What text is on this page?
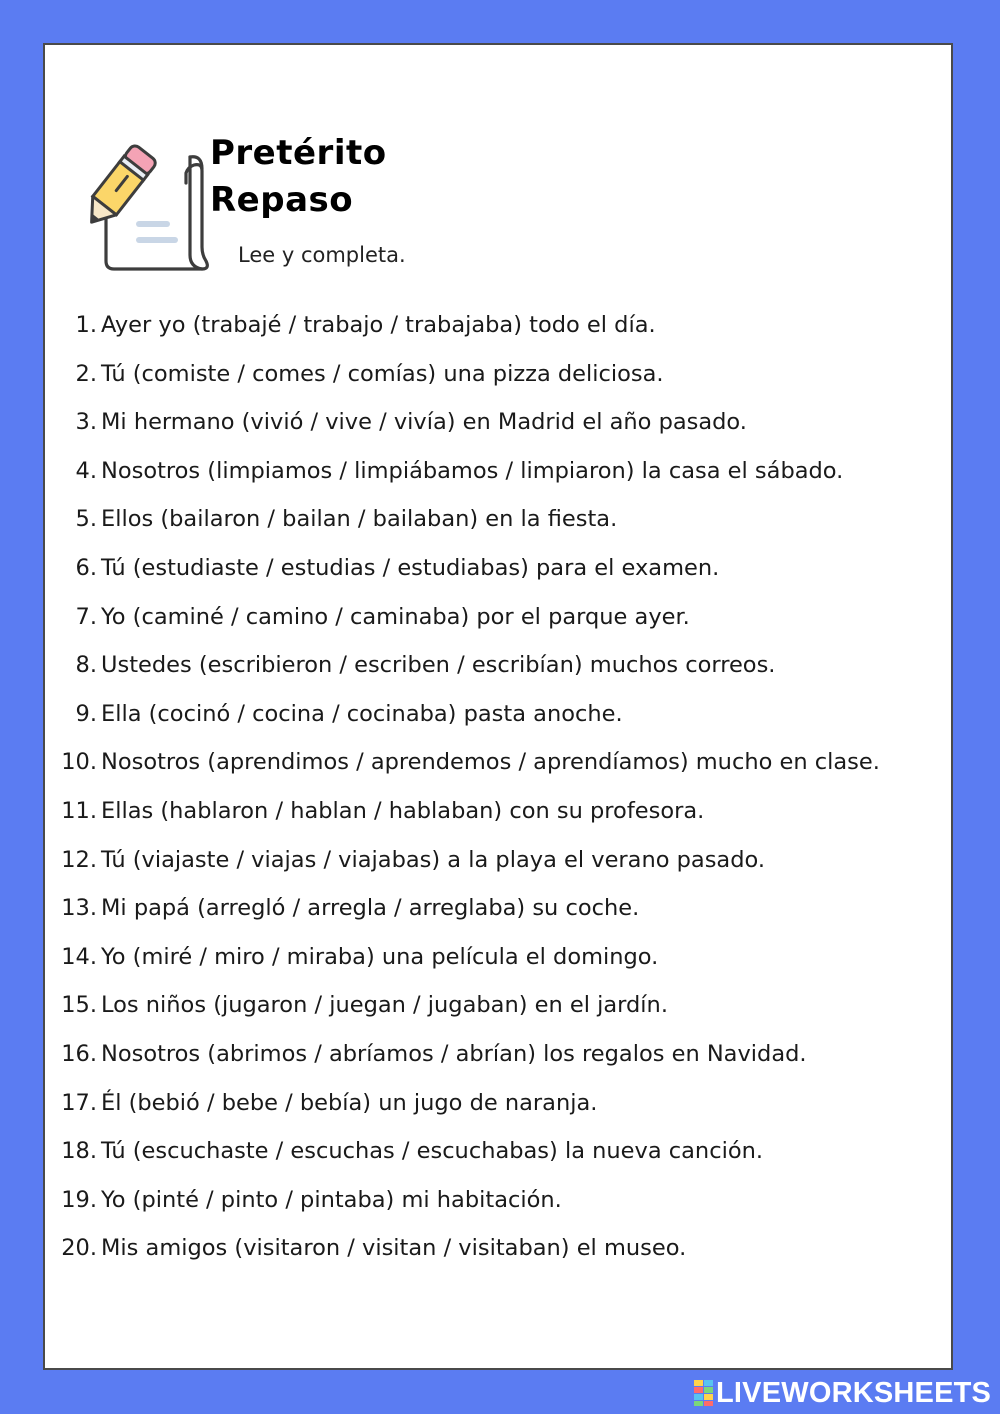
Pretérito
Repaso
Lee y completa.
1. Ayer yo (trabajé / trabajo / trabajaba) todo el día.
2. Tú (comiste / comes / comías) una pizza deliciosa.
3. Mi hermano (vivió / vive / vivía) en Madrid el año pasado.
4. Nosotros (limpiamos / limpiábamos / limpiaron) la casa el sábado.
5. Ellos (bailaron / bailan / bailaban) en la fiesta.
6. Tú (estudiaste / estudias / estudiabas) para el examen.
7. Yo (caminé / camino / caminaba) por el parque ayer.
8. Ustedes (escribieron / escriben / escribían) muchos correos.
9. Ella (cocinó / cocina / cocinaba) pasta anoche.
10. Nosotros (aprendimos / aprendemos / aprendíamos) mucho en clase.
11. Ellas (hablaron / hablan / hablaban) con su profesora.
12. Tú (viajaste / viajas / viajabas) a la playa el verano pasado.
13. Mi papá (arregló / arregla / arreglaba) su coche.
14. Yo (miré / miro / miraba) una película el domingo.
15. Los niños (jugaron / juegan / jugaban) en el jardín.
16. Nosotros (abrimos / abríamos / abrían) los regalos en Navidad.
17. Él (bebió / bebe / bebía) un jugo de naranja.
18. Tú (escuchaste / escuchas / escuchabas) la nueva canción.
19. Yo (pinté / pinto / pintaba) mi habitación.
20. Mis amigos (visitaron / visitan / visitaban) el museo.
LIVEWORKSHEETS
